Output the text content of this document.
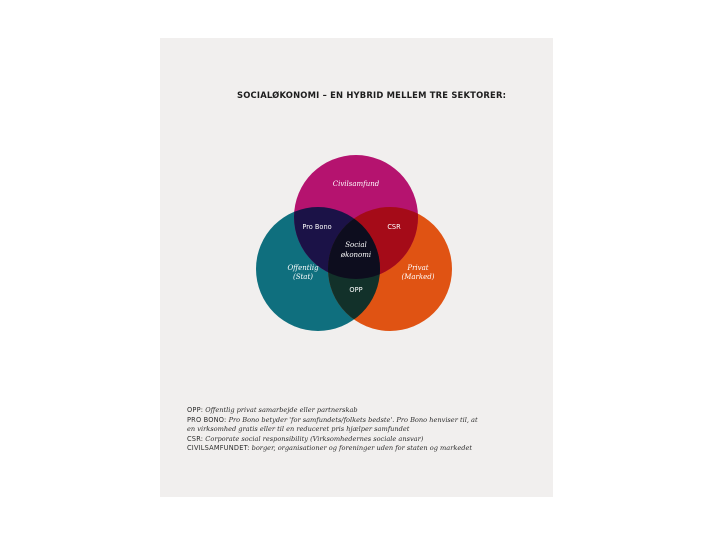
SOCIALØKONOMI – EN HYBRID MELLEM TRE SEKTORER:
Civilsamfund
Pro Bono	CSR
Social
økonomi
Offentlig
(Stat)
Privat
(Marked)
OPP
OPP: Offentlig privat samarbejde eller partnerskab
PRO BONO: Pro Bono betyder 'for samfundets/folkets bedste'. Pro Bono henviser til, at
en virksomhed gratis eller til en reduceret pris hjælper samfundet
CSR: Corporate social responsibility (Virksomhedernes sociale ansvar)
CIVILSAMFUNDET: borger, organisationer og foreninger uden for staten og markedet
